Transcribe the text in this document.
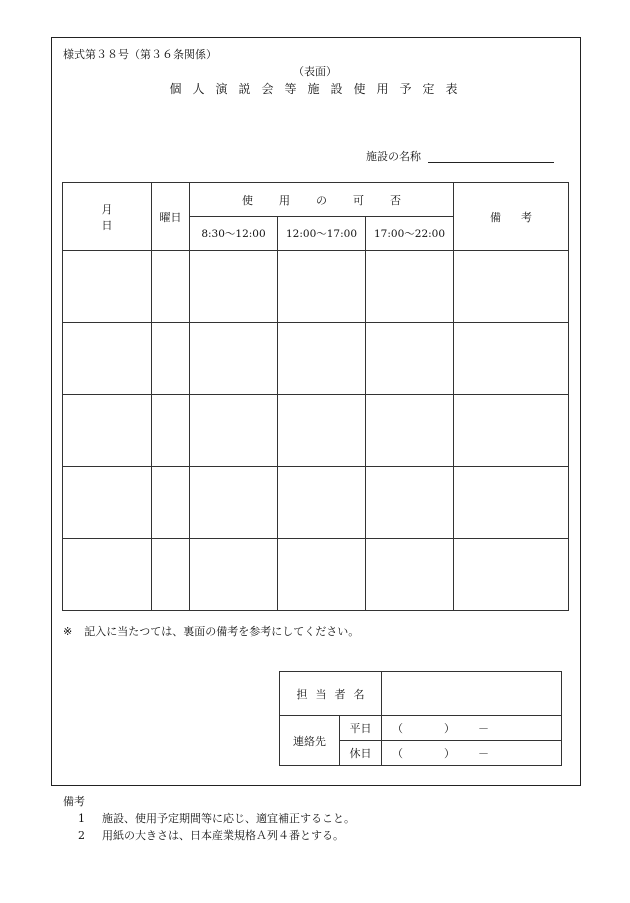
様式第３８号（第３６条関係）
（表面）
個人演説会等施設使用予定表
施設の名称
月　日	曜日	使用の可否			備考
		8:30～12:00	12:00～17:00	17:00～22:00	

※ 記入に当たつては、裏面の備考を参考にしてください。
担当者名		
連絡先	平日	（ ） －
	休日	（ ） －
備考
1 施設、使用予定期間等に応じ、適宜補正すること。
2 用紙の大きさは、日本産業規格Ａ列４番とする。
